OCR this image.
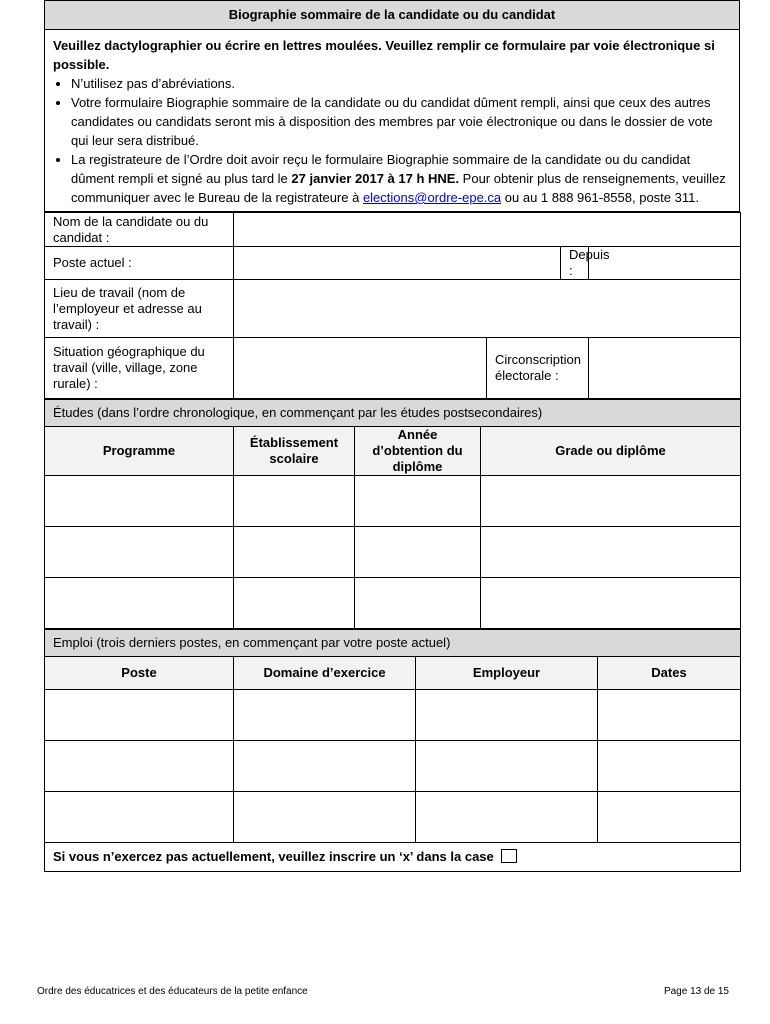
Biographie sommaire de la candidate ou du candidat

Veuillez dactylographier ou écrire en lettres moulées. Veuillez remplir ce formulaire par voie électronique si possible.
• N’utilisez pas d’abréviations.
• Votre formulaire Biographie sommaire de la candidate ou du candidat dûment rempli, ainsi que ceux des autres candidates ou candidats seront mis à disposition des membres par voie électronique ou dans le dossier de vote qui leur sera distribué.
• La registrateure de l’Ordre doit avoir reçu le formulaire Biographie sommaire de la candidate ou du candidat dûment rempli et signé au plus tard le 27 janvier 2017 à 17 h HNE. Pour obtenir plus de renseignements, veuillez communiquer avec le Bureau de la registrateure à elections@ordre-epe.ca ou au 1 888 961-8558, poste 311.
Nom de la candidate ou du candidat :				
Poste actuel :			Depuis :	
Lieu de travail (nom de l’employeur et adresse au travail) :				
Situation géographique du travail (ville, village, zone rurale) :		Circonscription électorale :		
Études (dans l’ordre chronologique, en commençant par les études postsecondaires)			
Programme	Établissement scolaire	Année d’obtention du diplôme	Grade ou diplôme

Emploi (trois derniers postes, en commençant par votre poste actuel)			
Poste	Domaine d’exercice	Employeur	Dates

Si vous n’exercez pas actuellement, veuillez inscrire un ‘x’ dans la case			
Ordre des éducatrices et des éducateurs de la petite enfance	Page 13 de 15
